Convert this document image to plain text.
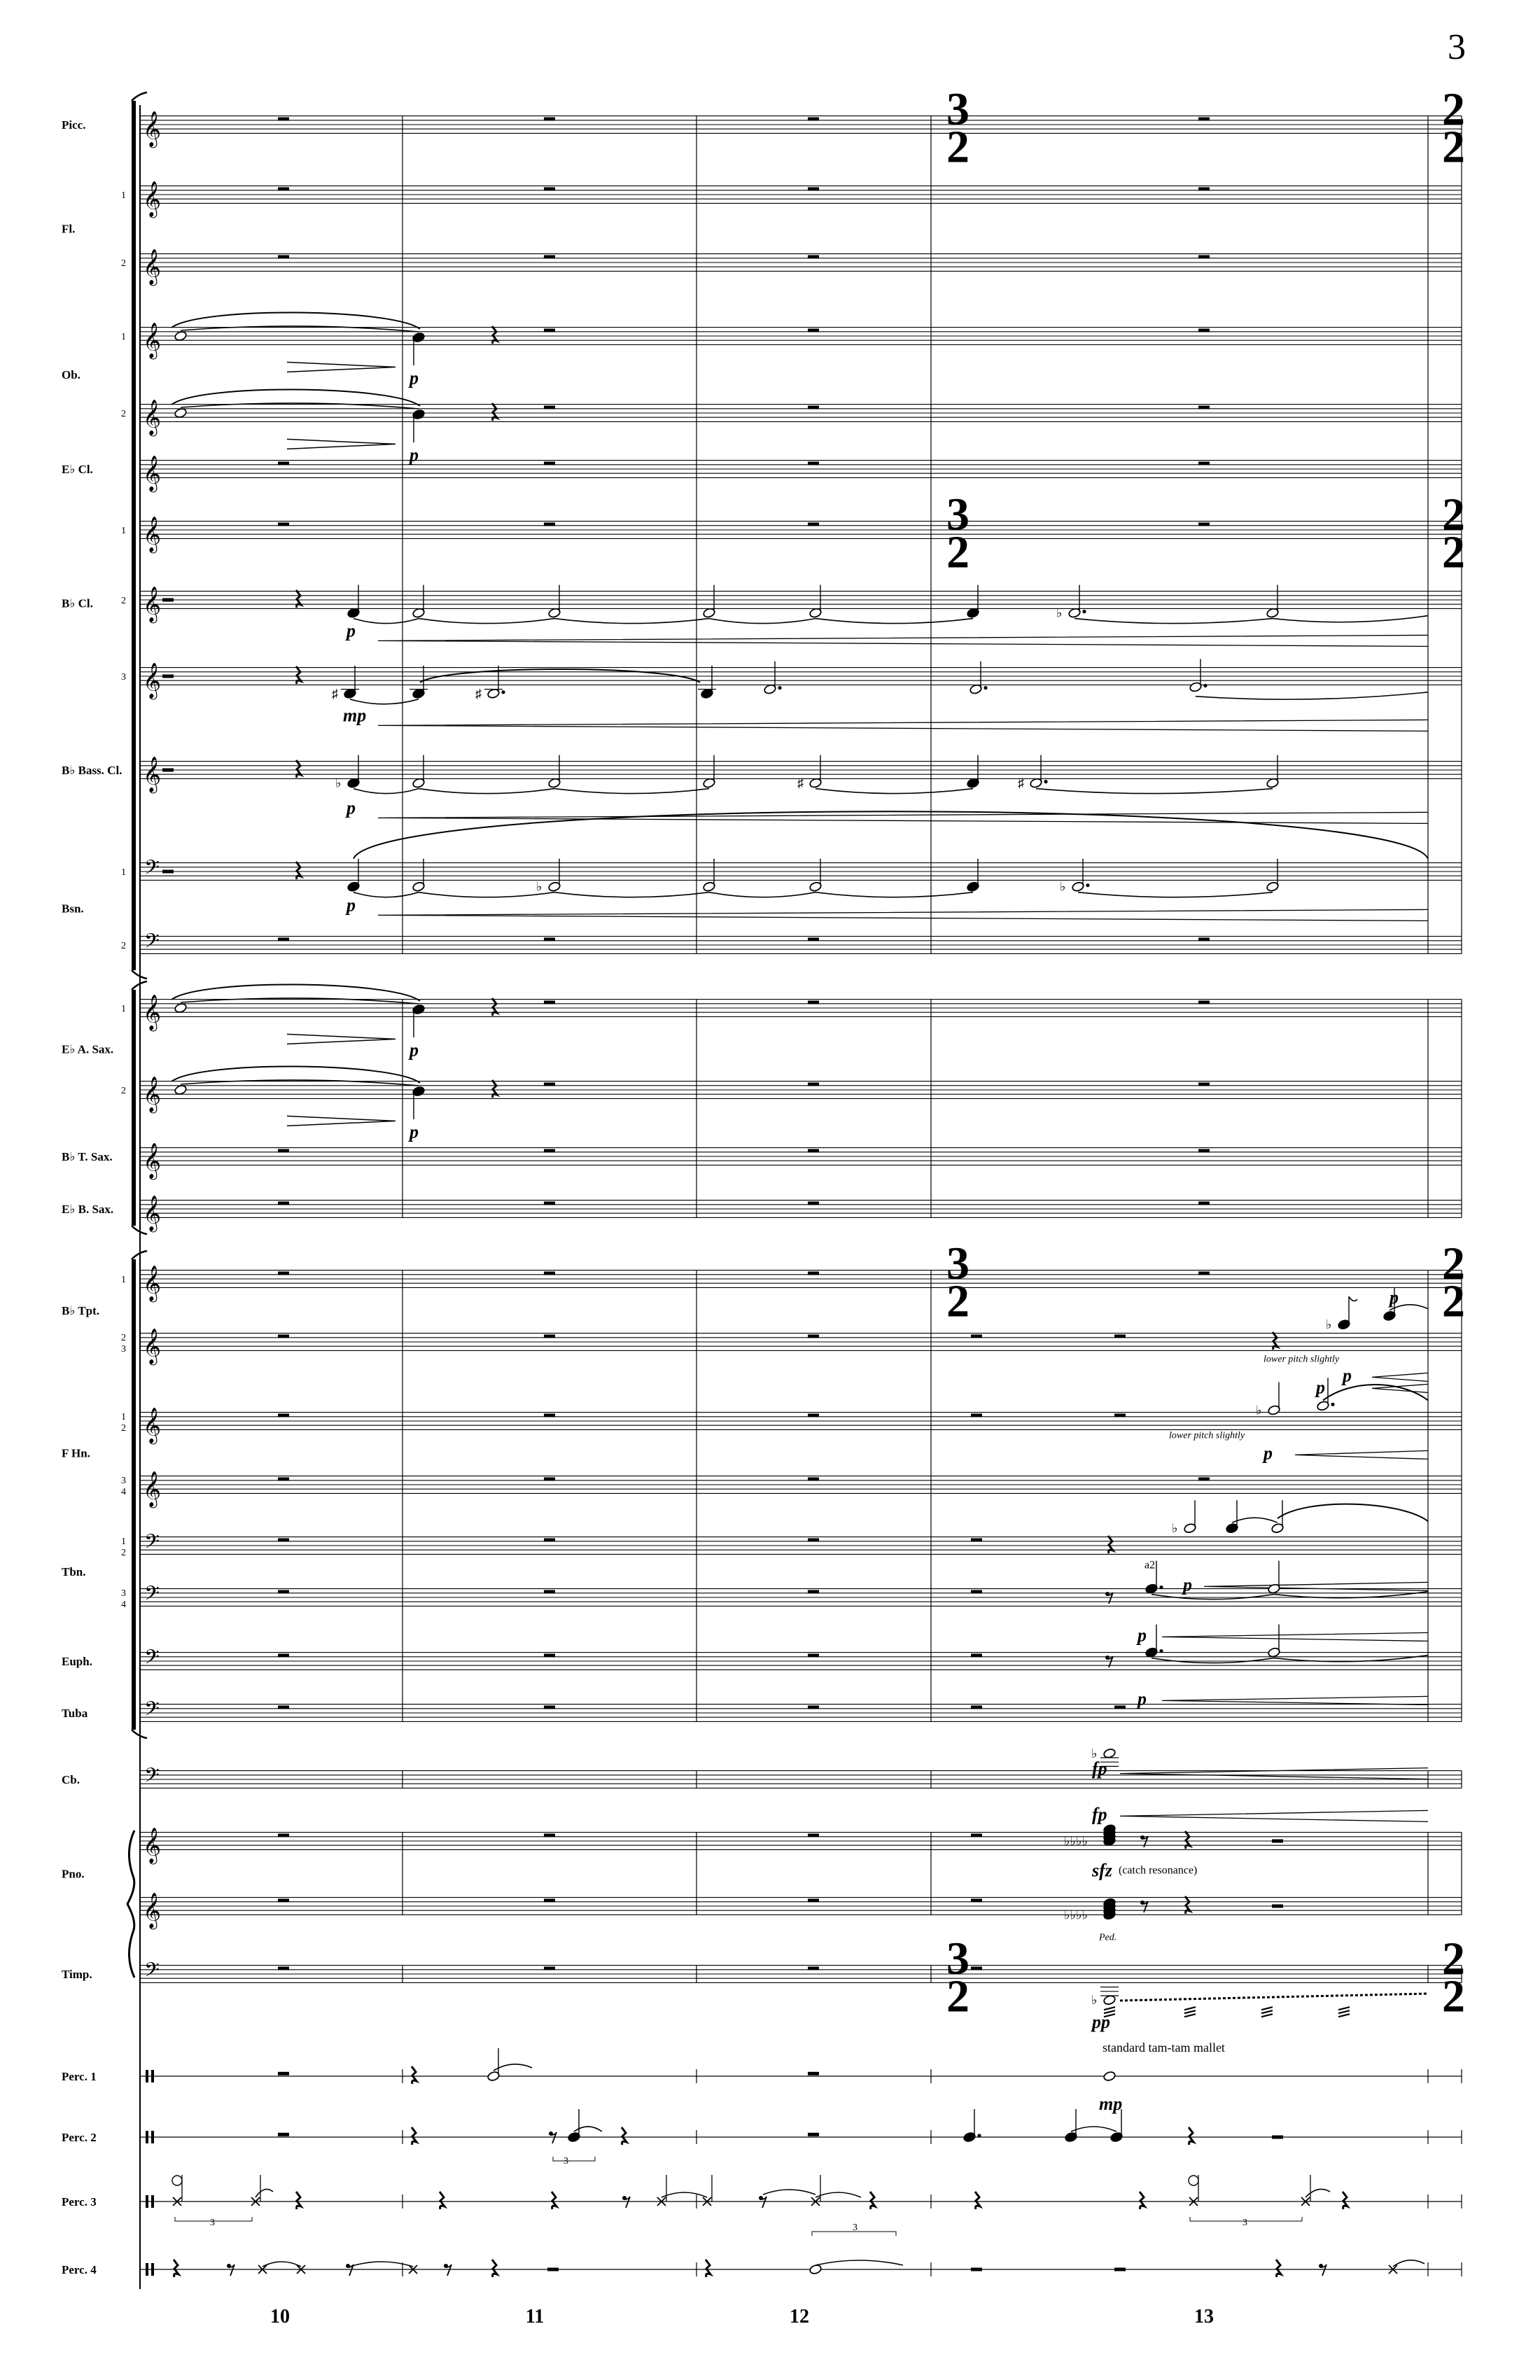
3
𝄞
𝄞
1
𝄞
2
𝄞
1
𝄞
2
𝄞
𝄞
1
𝄞
2
𝄞
3
𝄞
𝄢
1
𝄢
2
𝄞
1
𝄞
2
𝄞
𝄞
𝄞
1
𝄞
2
3
𝄞
1
2
𝄞
3
4
𝄢
1
2
𝄢
3
4
𝄢
𝄢
𝄢
𝄞
𝄞
𝄢
♭
♯	♯
♭	♯	♯
♭	♭
♭
♭
♭
♭
♭♭♭♭
♭♭♭♭
♭
Picc.
Fl.
Ob.
E♭ Cl.
B♭ Cl.
B♭ Bass. Cl.
Bsn.
E♭ A. Sax.
B♭ T. Sax.
E♭ B. Sax.
B♭ Tpt.
F Hn.
Tbn.
Euph.
Tuba
Cb.
Pno.
Timp.
Perc. 1
Perc. 2
Perc. 3
Perc. 4
3
2
2
2
3
2
2
2
3
2
2
2
3
2
2
2
10	11	12	13
p
p
p
p
p
mp
p
p
p
lower pitch slightly
p
p
lower pitch slightly
p
a2
p
p
p
fp
fp
sfz (catch resonance)
Ped.
pp
standard tam-tam mallet
mp
3
3	3
3
